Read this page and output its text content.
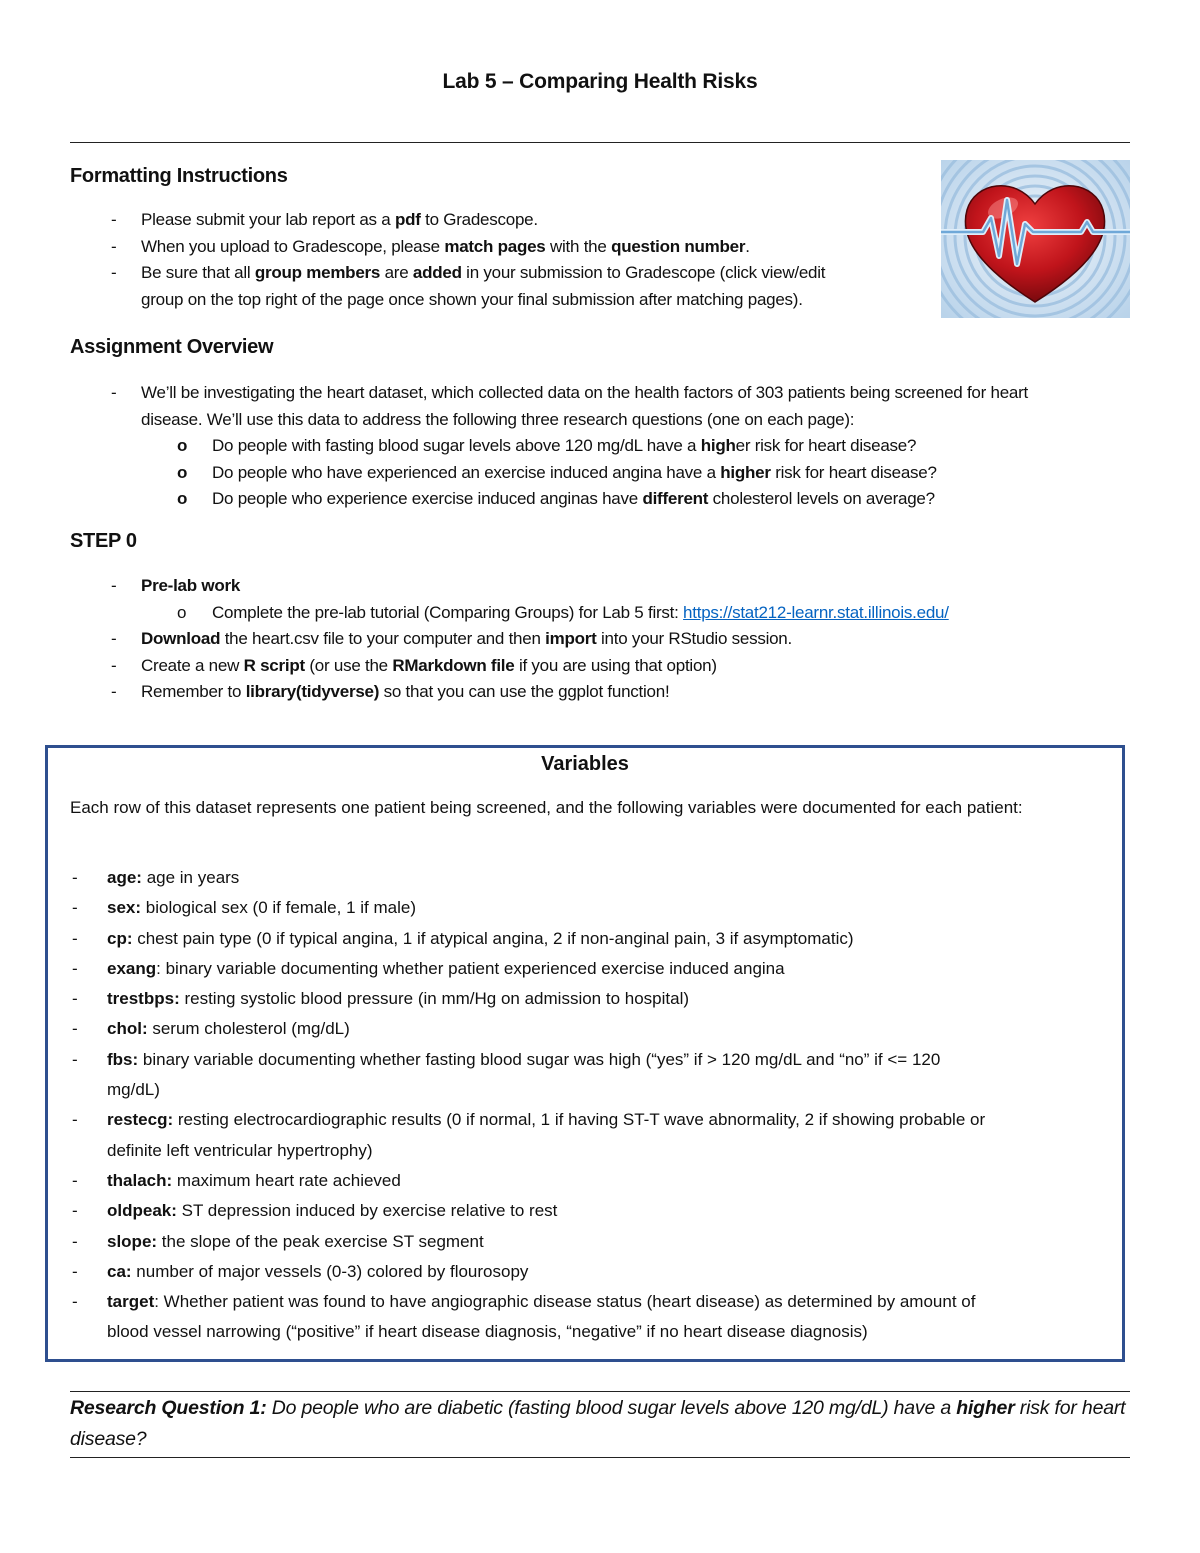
Lab 5 – Comparing Health Risks
Formatting Instructions
- Please submit your lab report as a pdf to Gradescope.
- When you upload to Gradescope, please match pages with the question number.
- Be sure that all group members are added in your submission to Gradescope (click view/edit
group on the top right of the page once shown your final submission after matching pages).
Assignment Overview
- We’ll be investigating the heart dataset, which collected data on the health factors of 303 patients being screened for heart
disease. We’ll use this data to address the following three research questions (one on each page):
o Do people with fasting blood sugar levels above 120 mg/dL have a higher risk for heart disease?
o Do people who have experienced an exercise induced angina have a higher risk for heart disease?
o Do people who experience exercise induced anginas have different cholesterol levels on average?
STEP 0
- Pre-lab work
o Complete the pre-lab tutorial (Comparing Groups) for Lab 5 first: https://stat212-learnr.stat.illinois.edu/
- Download the heart.csv file to your computer and then import into your RStudio session.
- Create a new R script (or use the RMarkdown file if you are using that option)
- Remember to library(tidyverse) so that you can use the ggplot function!
Variables
Each row of this dataset represents one patient being screened, and the following variables were documented for each patient:
- age: age in years
- sex: biological sex (0 if female, 1 if male)
- cp: chest pain type (0 if typical angina, 1 if atypical angina, 2 if non-anginal pain, 3 if asymptomatic)
- exang: binary variable documenting whether patient experienced exercise induced angina
- trestbps: resting systolic blood pressure (in mm/Hg on admission to hospital)
- chol: serum cholesterol (mg/dL)
- fbs: binary variable documenting whether fasting blood sugar was high (“yes” if > 120 mg/dL and “no” if <= 120
mg/dL)
- restecg: resting electrocardiographic results (0 if normal, 1 if having ST-T wave abnormality, 2 if showing probable or
definite left ventricular hypertrophy)
- thalach: maximum heart rate achieved
- oldpeak: ST depression induced by exercise relative to rest
- slope: the slope of the peak exercise ST segment
- ca: number of major vessels (0-3) colored by flourosopy
- target: Whether patient was found to have angiographic disease status (heart disease) as determined by amount of
blood vessel narrowing (“positive” if heart disease diagnosis, “negative” if no heart disease diagnosis)
Research Question 1: Do people who are diabetic (fasting blood sugar levels above 120 mg/dL) have a higher risk for heart disease?
